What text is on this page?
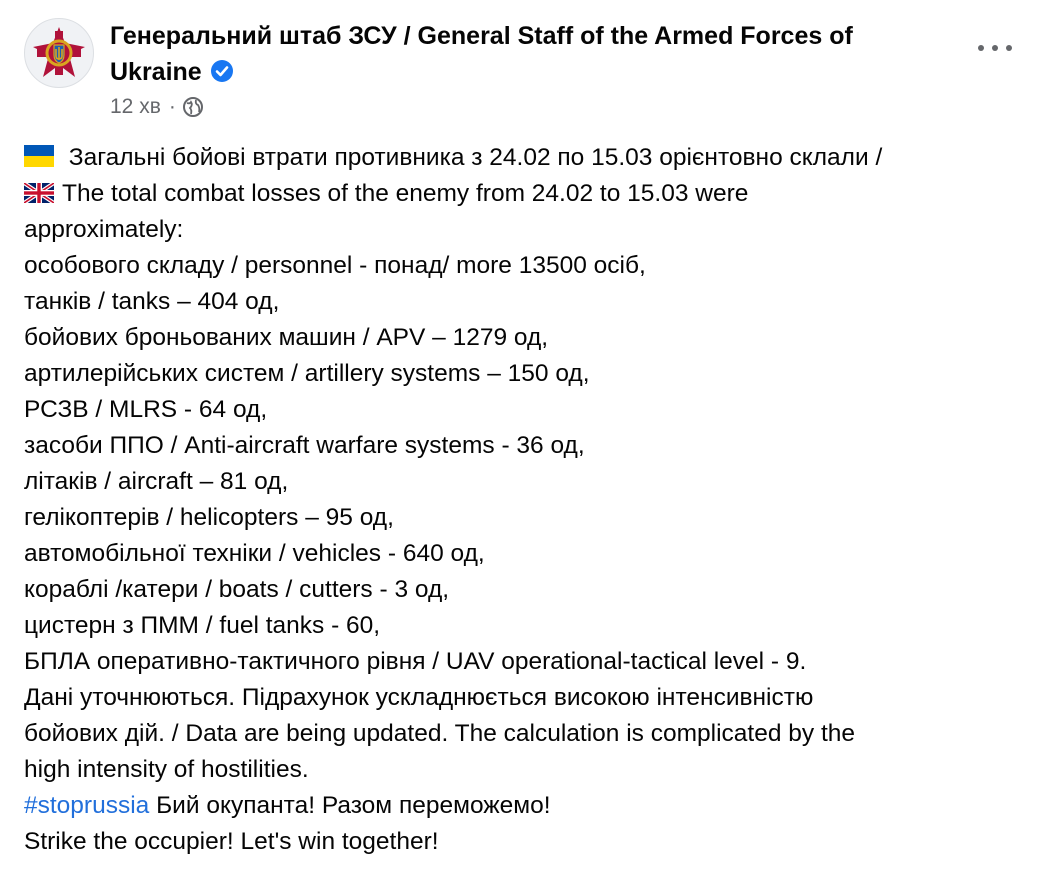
Генеральний штаб ЗСУ / General Staff of the Armed Forces of Ukraine
12 хв ·
Загальні бойові втрати противника з 24.02 по 15.03 орієнтовно склали /
The total combat losses of the enemy from 24.02 to 15.03 were
approximately:
особового складу / personnel - понад/ more 13500 осіб,
танків / tanks – 404 од,
бойових броньованих машин / APV – 1279 од,
артилерійських систем / artillery systems – 150 од,
РСЗВ / MLRS - 64 од,
засоби ППО / Anti-aircraft warfare systems - 36 од,
літаків / aircraft – 81 од,
гелікоптерів / helicopters – 95 од,
автомобільної техніки / vehicles - 640 од,
кораблі /катери / boats / cutters - 3 од,
цистерн з ПММ / fuel tanks - 60,
БПЛА оперативно-тактичного рівня / UAV operational-tactical level - 9.
Дані уточнюються. Підрахунок ускладнюється високою інтенсивністю
бойових дій. / Data are being updated. The calculation is complicated by the
high intensity of hostilities.
#stoprussia Бий окупанта! Разом переможемо!
Strike the occupier! Let's win together!
